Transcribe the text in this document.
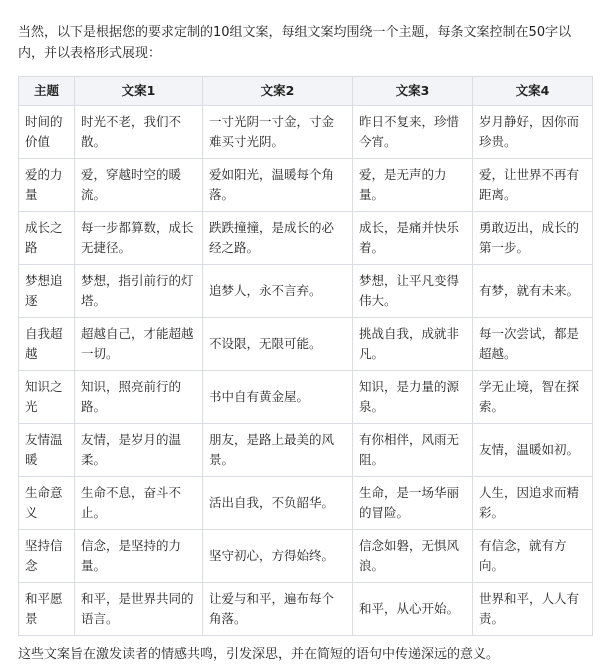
当然，以下是根据您的要求定制的10组文案，每组文案均围绕一个主题，每条文案控制在50字以内，并以表格形式展现：

主题	文案1	文案2	文案3	文案4
时间的价值	时光不老，我们不散。	一寸光阴一寸金，寸金难买寸光阴。	昨日不复来，珍惜今宵。	岁月静好，因你而珍贵。
爱的力量	爱，穿越时空的暖流。	爱如阳光，温暖每个角落。	爱，是无声的力量。	爱，让世界不再有距离。
成长之路	每一步都算数，成长无捷径。	跌跌撞撞，是成长的必经之路。	成长，是痛并快乐着。	勇敢迈出，成长的第一步。
梦想追逐	梦想，指引前行的灯塔。	追梦人，永不言弃。	梦想，让平凡变得伟大。	有梦，就有未来。
自我超越	超越自己，才能超越一切。	不设限，无限可能。	挑战自我，成就非凡。	每一次尝试，都是超越。
知识之光	知识，照亮前行的路。	书中自有黄金屋。	知识，是力量的源泉。	学无止境，智在探索。
友情温暖	友情，是岁月的温柔。	朋友，是路上最美的风景。	有你相伴，风雨无阻。	友情，温暖如初。
生命意义	生命不息，奋斗不止。	活出自我，不负韶华。	生命，是一场华丽的冒险。	人生，因追求而精彩。
坚持信念	信念，是坚持的力量。	坚守初心，方得始终。	信念如磐，无惧风浪。	有信念，就有方向。
和平愿景	和平，是世界共同的语言。	让爱与和平，遍布每个角落。	和平，从心开始。	世界和平，人人有责。

这些文案旨在激发读者的情感共鸣，引发深思，并在简短的语句中传递深远的意义。
